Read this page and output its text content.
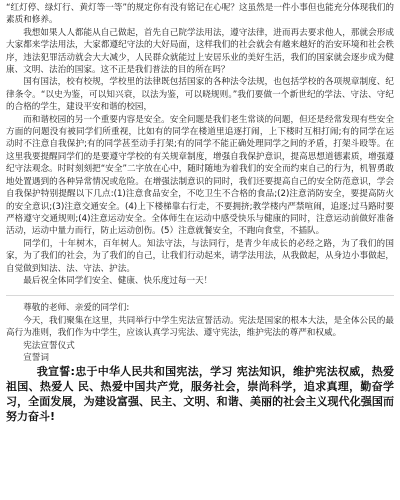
“红灯停、绿灯行、黄灯等一等”的规定你有没有铭记在心呢？这虽然是一件小事但也能充分体现我们的素质和修养。

我想如果人人都能从自己做起，首先自己院学法用法，遵守法律，进而再去要求他人，那就会形成大家都来学法用法，大家都遵纪守法的大好局面，这样我们的社会就会有越来越好的治安环境和社会秩序，违法犯罪活动就会大大减少，人民群众就能过上安居乐业的美好生活，我们的国家就会逐步成为健康、文明、法治的国家。这不正是我们普法的目的所在吗？

国有国法，校有校规，学校里的法律既包括国家的各种法令法规，也包括学校的各项规章制度、纪律条令。“以史为鉴，可以知兴衰，以法为鉴，可以晓规则。”我们要做一个新世纪的学法、守法、守纪的合格的学生，建设平安和谐的校园，

而和谐校园的另一个重要内容是安全。安全问题是我们老生常谈的问题，但还是经常发现有些安全方面的问题没有被同学们所重视，比如有的同学在楼道里追逐打闹，上下楼时互相打闹;有的同学在运动时不注意自我保护;有的同学甚至动手打架;有的同学不能正确处理同学之间的矛盾，打架斗殴等。在这里我要提醒同学们的是要遵守学校的有关规章制度，增强自我保护意识，提高思想道德素质，增强遵纪守法观念。时时刻刻把“安全”二字放在心中，随时随地为着我们的安全而约束自己的行为，机智勇敢地处置遇到的各种异常情况或危险。在增强法制意识的同时，我们还要提高自己的安全防范意识，学会自我保护特别提醒以下几点:(1)注意食品安全，不吃卫生不合格的食品;(2)注意消防安全，要提高防火的安全意识;(3)注意交通安全。(4)上下楼梯靠右行走，不要拥挤;教学楼内严禁喧闹，追逐;过马路时要严格遵守交通规则;(4)注意运动安全。全体师生在运动中感受快乐与健康的同时，注意运动前做好准备活动，运动中量力而行，防止运动创伤。(5）注意就餐安全，不跑向食堂，不插队。

同学们，十年树木，百年树人。知法守法，与法同行，是青少年成长的必经之路，为了我们的国家，为了我们的社会，为了我们的自己，让我们行动起来，请学法用法，从我做起，从身边小事做起，自觉做到知法、法、守法、护法。

最后祝全体同学们安全、健康、快乐度过每一天！

尊敬的老师、亲爱的同学们:

今天，我们聚集在这里，共同举行中学生宪法宣誓活动。宪法是国家的根本大法，是全体公民的最高行为准则，我们作为中学生，应该认真学习宪法、遵守宪法，维护宪法的尊严和权威。

宪法宣誓仪式

宣誓词

我宣誓:忠于中华人民共和国宪法，学习 宪法知识，维护宪法权威，热爱祖国、热爱人 民、热爱中国共产党，服务社会，崇尚科学，追求真理，勤奋学习，全面发展，为建设富强、民主、文明、和谐、美丽的社会主义现代化强国而努力奋斗!
